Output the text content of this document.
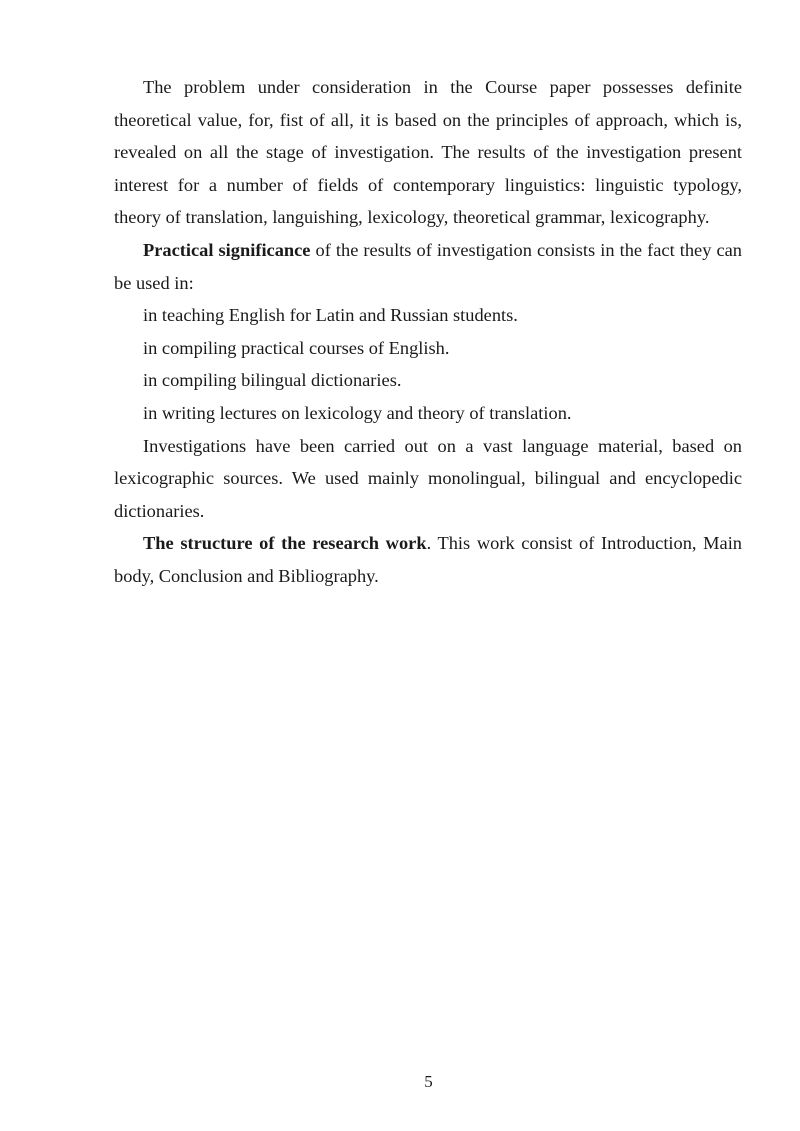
The problem under consideration in the Course paper possesses definite theoretical value, for, fist of all, it is based on the principles of approach, which is, revealed on all the stage of investigation. The results of the investigation present interest for a number of fields of contemporary linguistics: linguistic typology, theory of translation, languishing, lexicology, theoretical grammar, lexicography.

Practical significance of the results of investigation consists in the fact they can be used in:

in teaching English for Latin and Russian students.

in compiling practical courses of English.

in compiling bilingual dictionaries.

in writing lectures on lexicology and theory of translation.

Investigations have been carried out on a vast language material, based on lexicographic sources. We used mainly monolingual, bilingual and encyclopedic dictionaries.

The structure of the research work. This work consist of Introduction, Main body, Conclusion and Bibliography.

5
